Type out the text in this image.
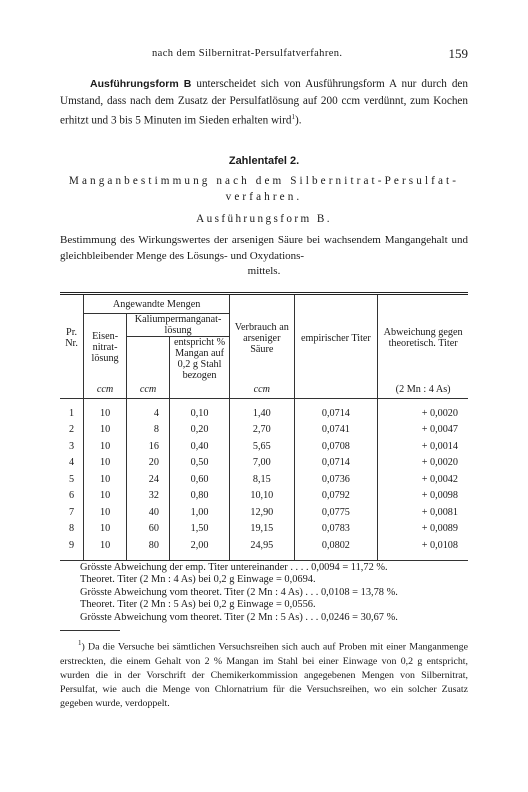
nach dem Silbernitrat-Persulfatverfahren.	159
Ausführungsform B unterscheidet sich von Ausführungsform A nur durch den Umstand, dass nach dem Zusatz der Persulfatlösung auf 200 ccm verdünnt, zum Kochen erhitzt und 3 bis 5 Minuten im Sieden erhalten wird$^1$).
Zahlentafel 2.
Manganbestimmung nach dem Silbernitrat-Persulfat-
verfahren.
Ausführungsform B.
Bestimmung des Wirkungswertes der arsenigen Säure bei wachsendem Mangangehalt und gleichbleibender Menge des Lösungs- und Oxydations-
mittels.
Pr. Nr.	Angewandte Mengen			Verbrauch an arseniger Säure	empirischer Titer	Abweichung gegen theoretisch. Titer
	Eisen-nitrat-lösung	Kaliumpermanganat-lösung				
			entspricht % Mangan auf 0,2 g Stahl bezogen			
	ccm	ccm		ccm		(2 Mn : 4 As)
1	10	4	0,10	1,40	0,0714	+ 0,0020
2	10	8	0,20	2,70	0,0741	+ 0,0047
3	10	16	0,40	5,65	0,0708	+ 0,0014
4	10	20	0,50	7,00	0,0714	+ 0,0020
5	10	24	0,60	8,15	0,0736	+ 0,0042
6	10	32	0,80	10,10	0,0792	+ 0,0098
7	10	40	1,00	12,90	0,0775	+ 0,0081
8	10	60	1,50	19,15	0,0783	+ 0,0089
9	10	80	2,00	24,95	0,0802	+ 0,0108

Grösste Abweichung der emp. Titer untereinander . . . . 0,0094 = 11,72 %.
Theoret. Titer (2 Mn : 4 As) bei 0,2 g Einwage = 0,0694.
Grösste Abweichung vom theoret. Titer (2 Mn : 4 As) . . . 0,0108 = 13,78 %.
Theoret. Titer (2 Mn : 5 As) bei 0,2 g Einwage = 0,0556.
Grösste Abweichung vom theoret. Titer (2 Mn : 5 As) . . . 0,0246 = 30,67 %.
$^1$) Da die Versuche bei sämtlichen Versuchsreihen sich auch auf Proben mit einer Manganmenge erstreckten, die einem Gehalt von 2 % Mangan im Stahl bei einer Einwage von 0,2 g entspricht, wurden die in der Vorschrift der Chemikerkommission angegebenen Mengen von Silbernitrat, Persulfat, wie auch die Menge von Chlornatrium für die Versuchsreihen, wo ein solcher Zusatz gegeben wurde, verdoppelt.
